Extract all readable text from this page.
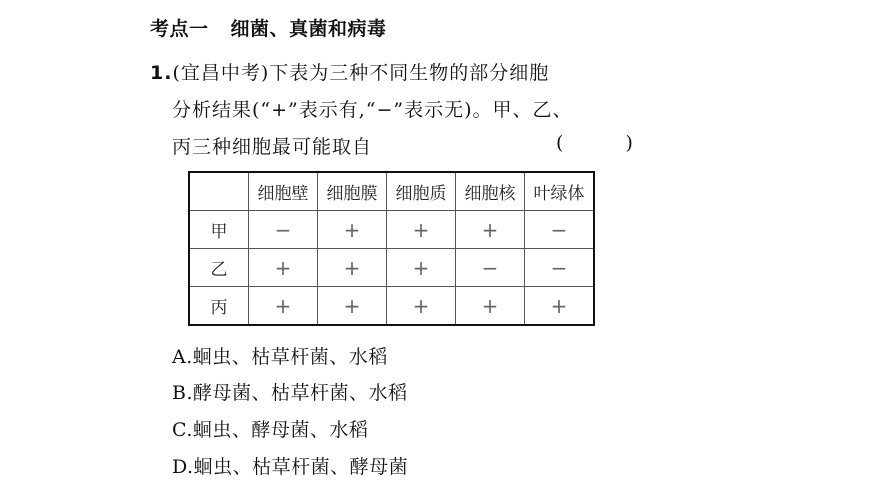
考点一 细菌、真菌和病毒
1.(宜昌中考)下表为三种不同生物的部分细胞
分析结果(“+”表示有,“−”表示无)。甲、乙、
丙三种细胞最可能取自	( )
	细胞壁	细胞膜	细胞质	细胞核	叶绿体
甲	−	+	+	+	−
乙	+	+	+	−	−
丙	+	+	+	+	+
A.蛔虫、枯草杆菌、水稻
B.酵母菌、枯草杆菌、水稻
C.蛔虫、酵母菌、水稻
D.蛔虫、枯草杆菌、酵母菌
